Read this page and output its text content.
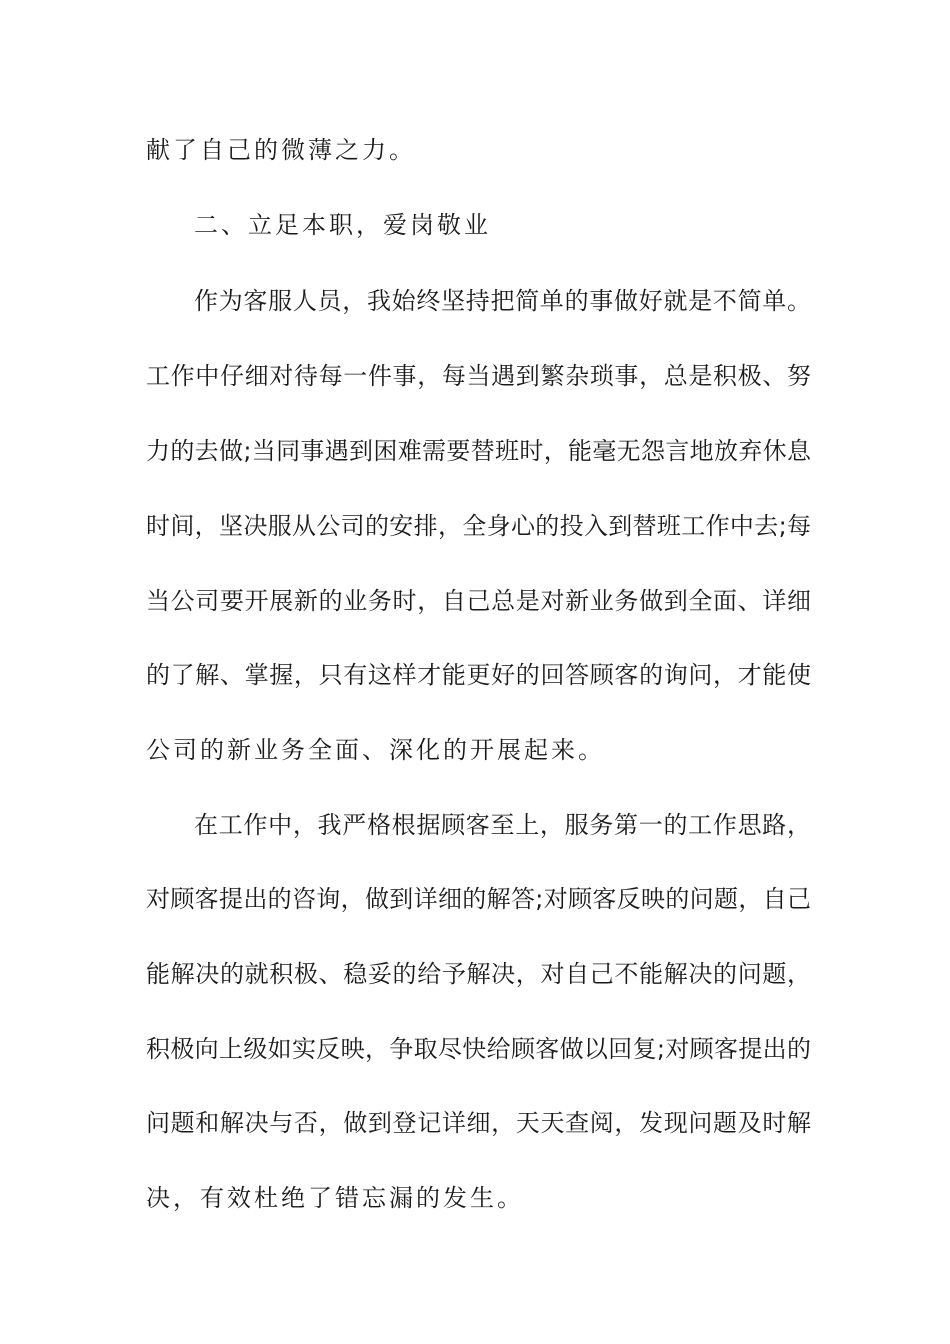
献了自己的微薄之力。
二、立足本职，爱岗敬业
作为客服人员，我始终坚持把简单的事做好就是不简单。
工作中仔细对待每一件事，每当遇到繁杂琐事，总是积极、努
力的去做;当同事遇到困难需要替班时，能毫无怨言地放弃休息
时间，坚决服从公司的安排，全身心的投入到替班工作中去;每
当公司要开展新的业务时，自己总是对新业务做到全面、详细
的了解、掌握，只有这样才能更好的回答顾客的询问，才能使
公司的新业务全面、深化的开展起来。
在工作中，我严格根据顾客至上，服务第一的工作思路，
对顾客提出的咨询，做到详细的解答;对顾客反映的问题，自己
能解决的就积极、稳妥的给予解决，对自己不能解决的问题，
积极向上级如实反映，争取尽快给顾客做以回复;对顾客提出的
问题和解决与否，做到登记详细，天天查阅，发现问题及时解
决，有效杜绝了错忘漏的发生。
